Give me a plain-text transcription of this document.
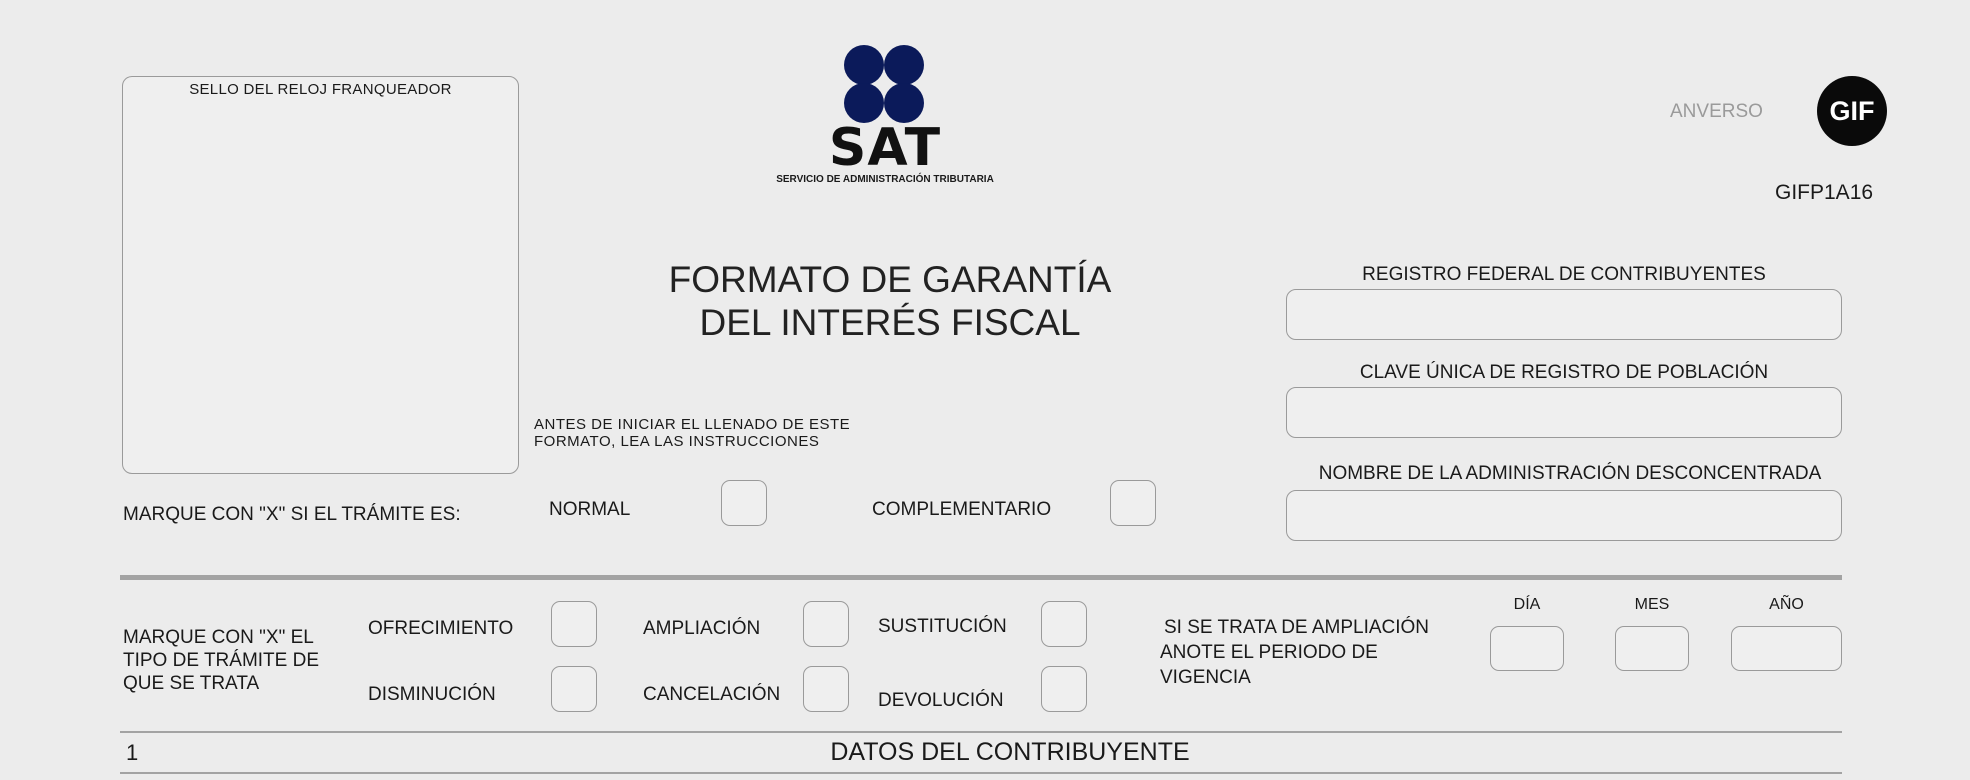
SELLO DEL RELOJ FRANQUEADOR
SAT
SERVICIO DE ADMINISTRACIÓN TRIBUTARIA
ANVERSO GIF
GIFP1A16
FORMATO DE GARANTÍA
DEL INTERÉS FISCAL
ANTES DE INICIAR EL LLENADO DE ESTE
FORMATO, LEA LAS INSTRUCCIONES
REGISTRO FEDERAL DE CONTRIBUYENTES
CLAVE ÚNICA DE REGISTRO DE POBLACIÓN
NOMBRE DE LA ADMINISTRACIÓN DESCONCENTRADA
MARQUE CON "X" SI EL TRÁMITE ES:	NORMAL	COMPLEMENTARIO
MARQUE CON "X" EL
TIPO DE TRÁMITE DE
QUE SE TRATA
OFRECIMIENTO	AMPLIACIÓN	SUSTITUCIÓN
DISMINUCIÓN	CANCELACIÓN	DEVOLUCIÓN
SI SE TRATA DE AMPLIACIÓN
ANOTE EL PERIODO DE
VIGENCIA
DÍA	MES	AÑO
1	DATOS DEL CONTRIBUYENTE
